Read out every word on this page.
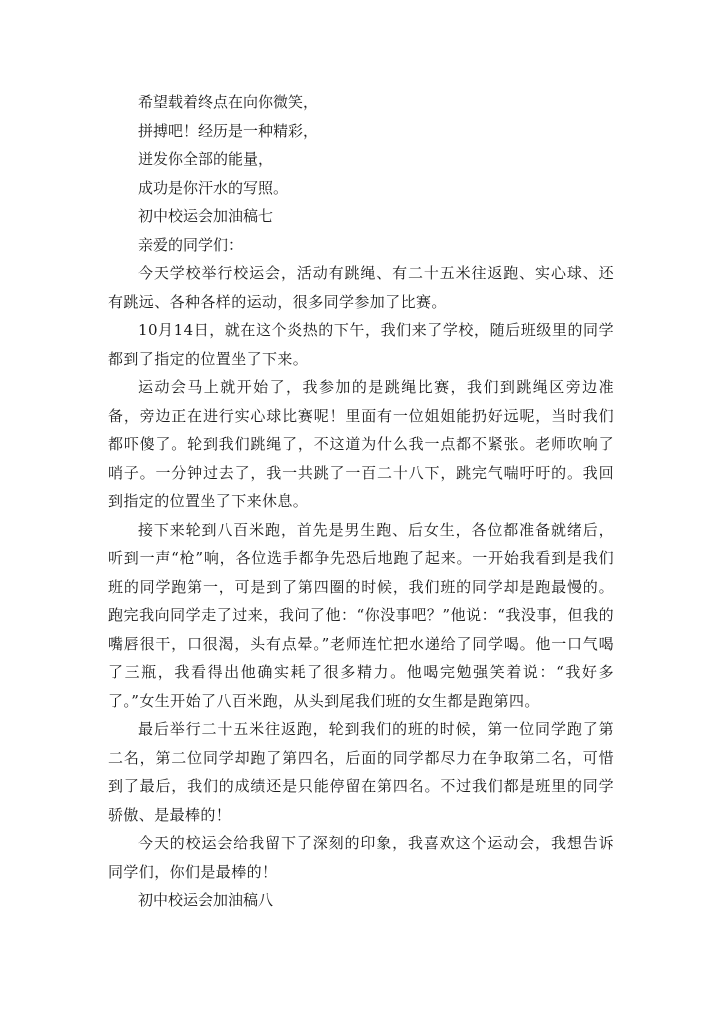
希望载着终点在向你微笑，

拼搏吧！经历是一种精彩，

迸发你全部的能量，

成功是你汗水的写照。

初中校运会加油稿七

亲爱的同学们：

今天学校举行校运会，活动有跳绳、有二十五米往返跑、实心球、还有跳远、各种各样的运动，很多同学参加了比赛。

10月14日，就在这个炎热的下午，我们来了学校，随后班级里的同学都到了指定的位置坐了下来。

运动会马上就开始了，我参加的是跳绳比赛，我们到跳绳区旁边准备，旁边正在进行实心球比赛呢！里面有一位姐姐能扔好远呢，当时我们都吓傻了。轮到我们跳绳了，不这道为什么我一点都不紧张。老师吹响了哨子。一分钟过去了，我一共跳了一百二十八下，跳完气喘吁吁的。我回到指定的位置坐了下来休息。

接下来轮到八百米跑，首先是男生跑、后女生，各位都准备就绪后，听到一声“枪”响，各位选手都争先恐后地跑了起来。一开始我看到是我们班的同学跑第一，可是到了第四圈的时候，我们班的同学却是跑最慢的。跑完我向同学走了过来，我问了他：“你没事吧？”他说：“我没事，但我的嘴唇很干，口很渴，头有点晕。”老师连忙把水递给了同学喝。他一口气喝了三瓶，我看得出他确实耗了很多精力。他喝完勉强笑着说：“我好多了。”女生开始了八百米跑，从头到尾我们班的女生都是跑第四。

最后举行二十五米往返跑，轮到我们的班的时候，第一位同学跑了第二名，第二位同学却跑了第四名，后面的同学都尽力在争取第二名，可惜到了最后，我们的成绩还是只能停留在第四名。不过我们都是班里的同学骄傲、是最棒的！

今天的校运会给我留下了深刻的印象，我喜欢这个运动会，我想告诉同学们，你们是最棒的！

初中校运会加油稿八
